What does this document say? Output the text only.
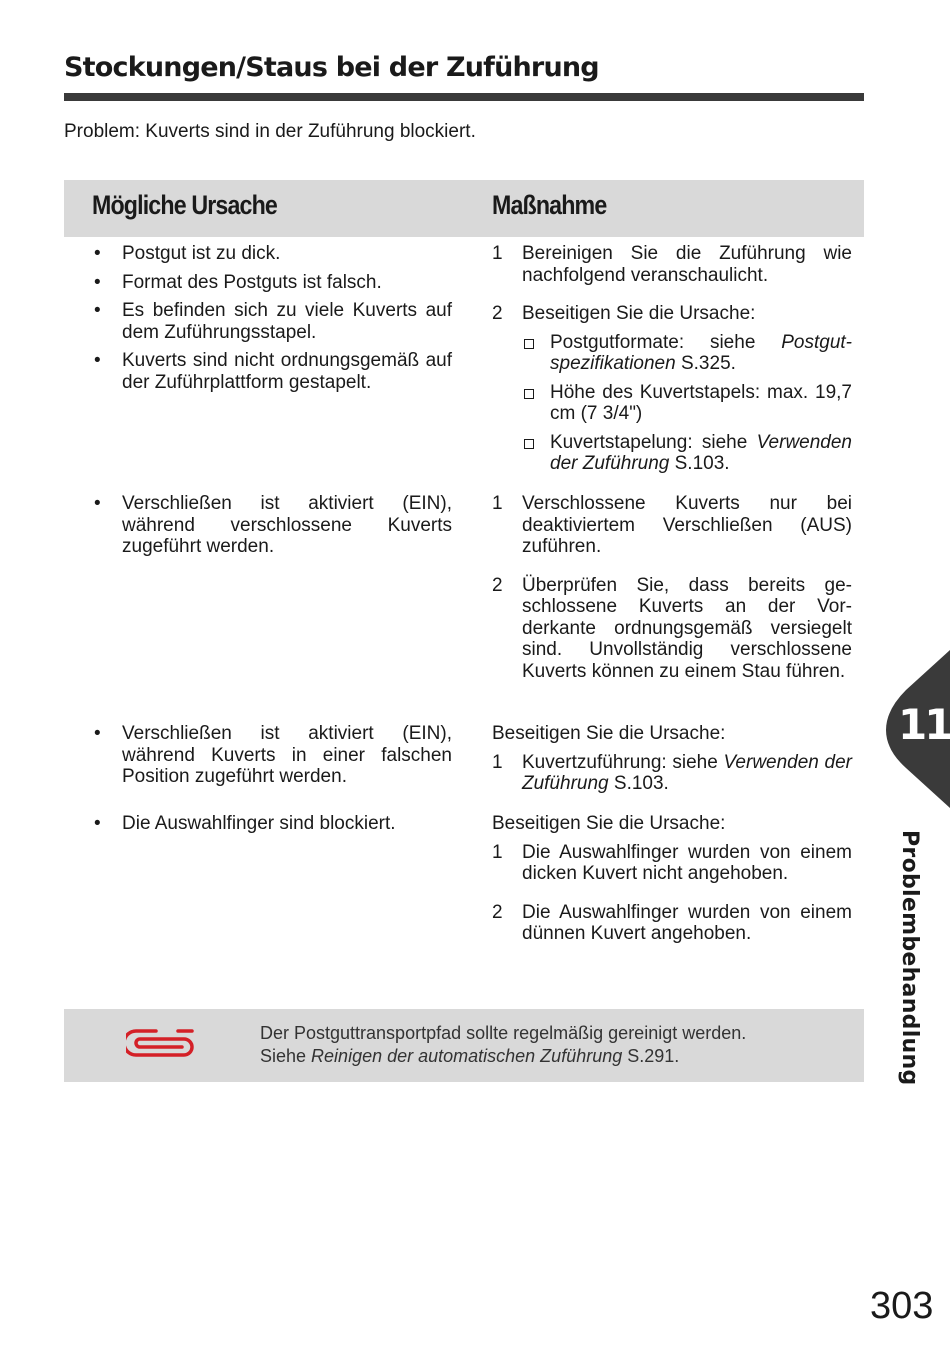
Stockungen/Staus bei der Zuführung

Problem: Kuverts sind in der Zuführung blockiert.

Mögliche Ursache	Maßnahme
• Postgut ist zu dick.
• Format des Postguts ist falsch.
• Es befinden sich zu viele Kuverts auf dem Zuführungsstapel.
• Kuverts sind nicht ordnungsgemäß auf der Zuführplattform gestapelt.
1 Bereinigen Sie die Zuführung wie nachfolgend veranschaulicht.
2 Beseitigen Sie die Ursache:
Postgutformate: siehe Postgutspezifikationen S.325.
Höhe des Kuvertstapels: max. 19,7 cm (7 3/4")
Kuvertstapelung: siehe Verwenden der Zuführung S.103.
• Verschließen ist aktiviert (EIN), während verschlossene Kuverts zugeführt werden.
1 Verschlossene Kuverts nur bei deaktiviertem Verschließen (AUS) zuführen.
2 Überprüfen Sie, dass bereits geschlossene Kuverts an der Vorderkante ordnungsgemäß versiegelt sind. Unvollständig verschlossene Kuverts können zu einem Stau führen.
• Verschließen ist aktiviert (EIN), während Kuverts in einer falschen Position zugeführt werden.
Beseitigen Sie die Ursache:
1 Kuvertzuführung: siehe Verwenden der Zuführung S.103.
• Die Auswahlfinger sind blockiert.	Beseitigen Sie die Ursache:
1 Die Auswahlfinger wurden von einem dicken Kuvert nicht angehoben.
2 Die Auswahlfinger wurden von einem dünnen Kuvert angehoben.
Der Postguttransportpfad sollte regelmäßig gereinigt werden.
Siehe Reinigen der automatischen Zuführung S.291.
11
Problembehandlung
303
